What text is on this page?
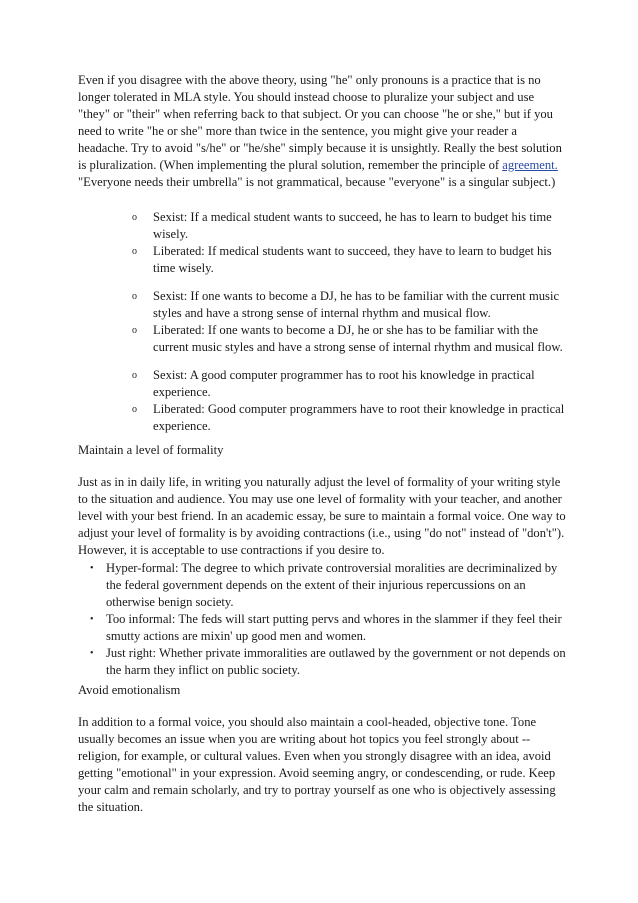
Even if you disagree with the above theory, using "he" only pronouns is a practice that is no longer tolerated in MLA style. You should instead choose to pluralize your subject and use "they" or "their" when referring back to that subject. Or you can choose "he or she," but if you need to write "he or she" more than twice in the sentence, you might give your reader a headache. Try to avoid "s/he" or "he/she" simply because it is unsightly. Really the best solution is pluralization. (When implementing the plural solution, remember the principle of agreement. "Everyone needs their umbrella" is not grammatical, because "everyone" is a singular subject.)

o Sexist: If a medical student wants to succeed, he has to learn to budget his time wisely.
o Liberated: If medical students want to succeed, they have to learn to budget his time wisely.
o Sexist: If one wants to become a DJ, he has to be familiar with the current music styles and have a strong sense of internal rhythm and musical flow.
o Liberated: If one wants to become a DJ, he or she has to be familiar with the current music styles and have a strong sense of internal rhythm and musical flow.
o Sexist: A good computer programmer has to root his knowledge in practical experience.
o Liberated: Good computer programmers have to root their knowledge in practical experience.

Maintain a level of formality

Just as in in daily life, in writing you naturally adjust the level of formality of your writing style to the situation and audience. You may use one level of formality with your teacher, and another level with your best friend. In an academic essay, be sure to maintain a formal voice. One way to adjust your level of formality is by avoiding contractions (i.e., using "do not" instead of "don't"). However, it is acceptable to use contractions if you desire to.

• Hyper-formal: The degree to which private controversial moralities are decriminalized by the federal government depends on the extent of their injurious repercussions on an otherwise benign society.
• Too informal: The feds will start putting pervs and whores in the slammer if they feel their smutty actions are mixin' up good men and women.
• Just right: Whether private immoralities are outlawed by the government or not depends on the harm they inflict on public society.

Avoid emotionalism

In addition to a formal voice, you should also maintain a cool-headed, objective tone. Tone usually becomes an issue when you are writing about hot topics you feel strongly about -- religion, for example, or cultural values. Even when you strongly disagree with an idea, avoid getting "emotional" in your expression. Avoid seeming angry, or condescending, or rude. Keep your calm and remain scholarly, and try to portray yourself as one who is objectively assessing the situation.
